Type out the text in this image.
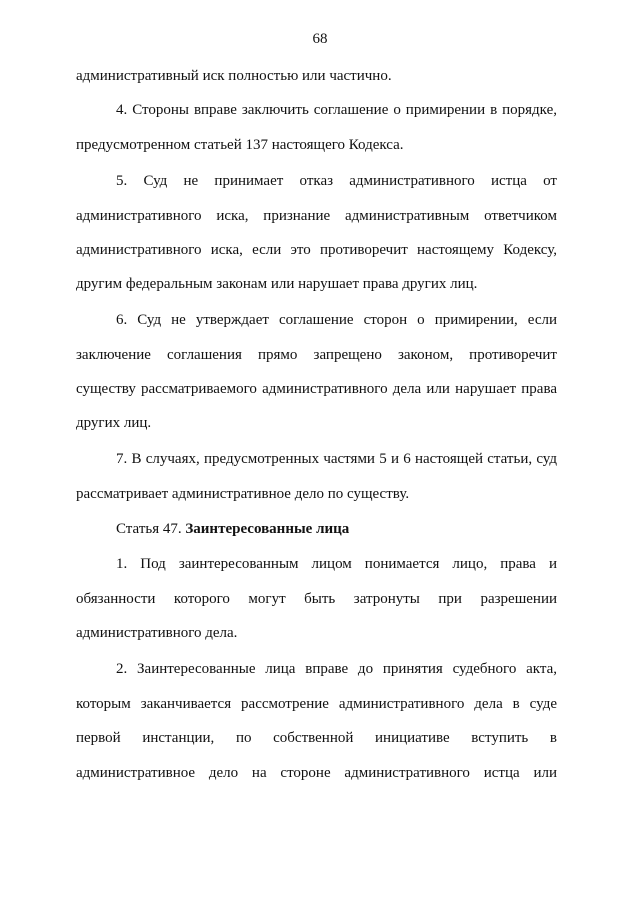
68
административный иск полностью или частично.
4. Стороны вправе заключить соглашение о примирении в порядке,
предусмотренном статьей 137 настоящего Кодекса.
5. Суд не принимает отказ административного истца от
административного иска, признание административным ответчиком
административного иска, если это противоречит настоящему Кодексу,
другим федеральным законам или нарушает права других лиц.
6. Суд не утверждает соглашение сторон о примирении, если
заключение соглашения прямо запрещено законом, противоречит
существу рассматриваемого административного дела или нарушает права
других лиц.
7. В случаях, предусмотренных частями 5 и 6 настоящей статьи, суд
рассматривает административное дело по существу.
Статья 47. Заинтересованные лица
1. Под заинтересованным лицом понимается лицо, права и
обязанности которого могут быть затронуты при разрешении
административного дела.
2. Заинтересованные лица вправе до принятия судебного акта,
которым заканчивается рассмотрение административного дела в суде
первой инстанции, по собственной инициативе вступить в
административное дело на стороне административного истца или
